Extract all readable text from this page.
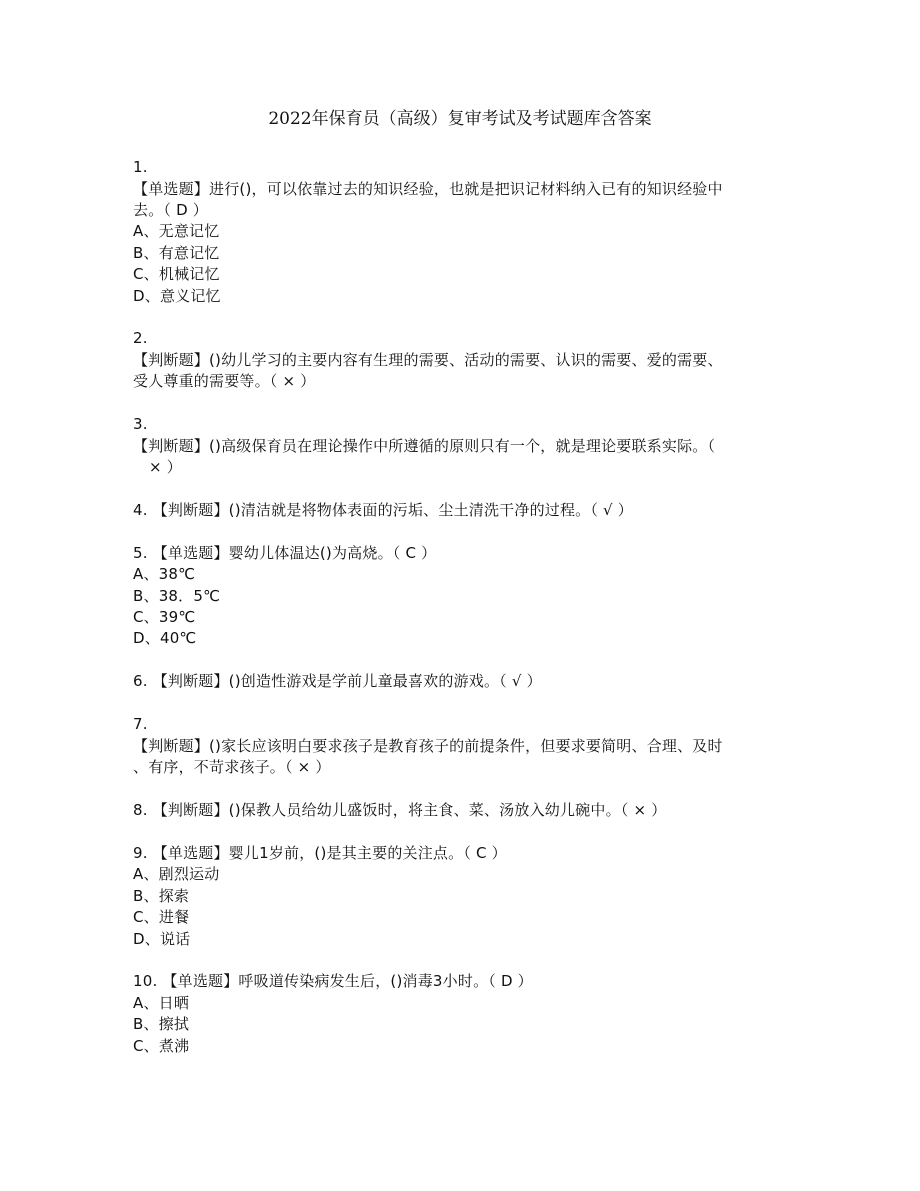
2022年保育员（高级）复审考试及考试题库含答案
1.
【单选题】进行()，可以依靠过去的知识经验，也就是把识记材料纳入已有的知识经验中
去。（ D ）
A、无意记忆
B、有意记忆
C、机械记忆
D、意义记忆
2.
【判断题】()幼儿学习的主要内容有生理的需要、活动的需要、认识的需要、爱的需要、
受人尊重的需要等。（ × ）
3.
【判断题】()高级保育员在理论操作中所遵循的原则只有一个，就是理论要联系实际。（
× ）
4. 【判断题】()清洁就是将物体表面的污垢、尘土清洗干净的过程。（ √ ）
5. 【单选题】婴幼儿体温达()为高烧。（ C ）
A、38℃
B、38．5℃
C、39℃
D、40℃
6. 【判断题】()创造性游戏是学前儿童最喜欢的游戏。（ √ ）
7.
【判断题】()家长应该明白要求孩子是教育孩子的前提条件，但要求要简明、合理、及时
、有序，不苛求孩子。（ × ）
8. 【判断题】()保教人员给幼儿盛饭时，将主食、菜、汤放入幼儿碗中。（ × ）
9. 【单选题】婴儿1岁前，()是其主要的关注点。（ C ）
A、剧烈运动
B、探索
C、进餐
D、说话
10. 【单选题】呼吸道传染病发生后，()消毒3小时。（ D ）
A、日晒
B、擦拭
C、煮沸
